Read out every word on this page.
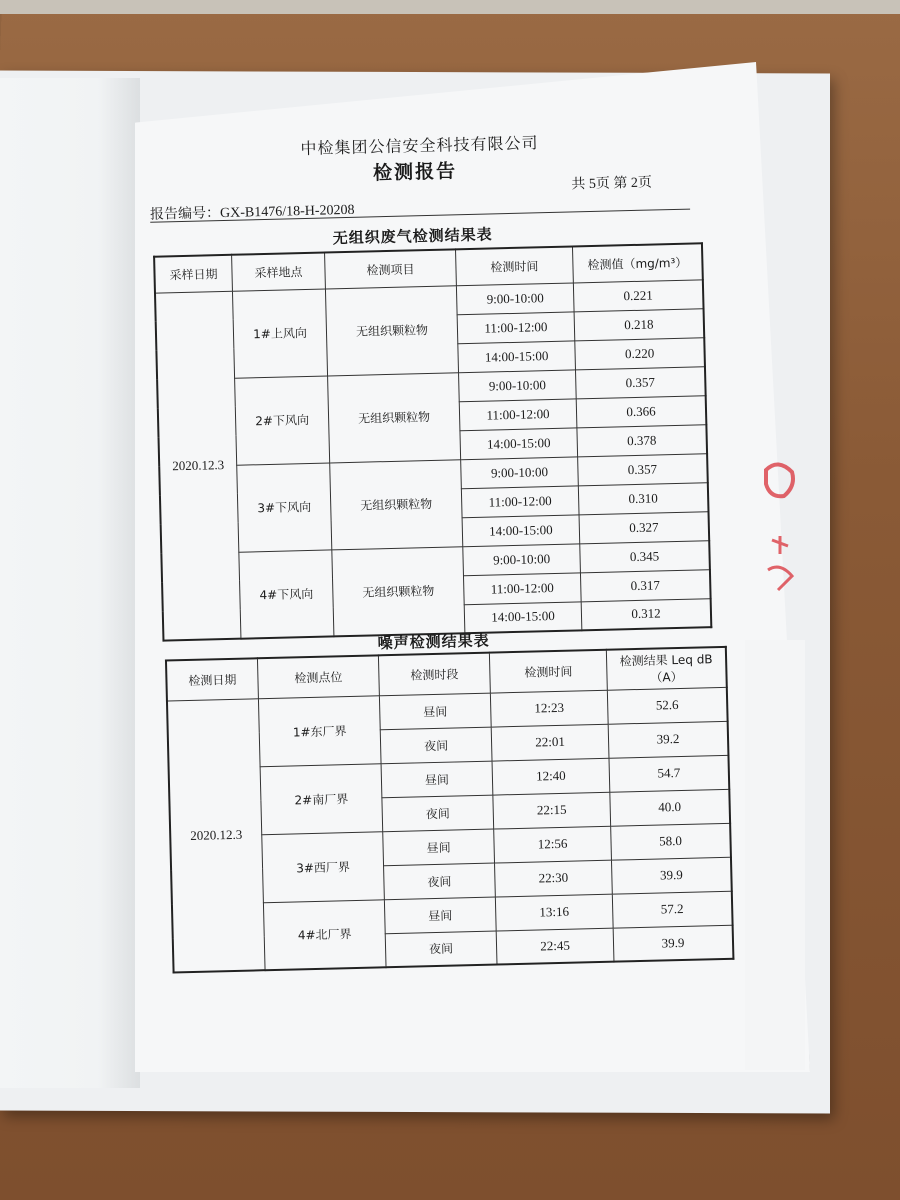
中检集团公信安全科技有限公司
检测报告	共 5页 第 2页
报告编号：GX-B1476/18-H-20208
无组织废气检测结果表
采样日期	采样地点	检测项目	检测时间	检测值（mg/m³）
2020.12.3	1#上风向	无组织颗粒物	9:00-10:00	0.221
			11:00-12:00	0.218
			14:00-15:00	0.220
	2#下风向	无组织颗粒物	9:00-10:00	0.357
			11:00-12:00	0.366
			14:00-15:00	0.378
	3#下风向	无组织颗粒物	9:00-10:00	0.357
			11:00-12:00	0.310
			14:00-15:00	0.327
	4#下风向	无组织颗粒物	9:00-10:00	0.345
			11:00-12:00	0.317
			14:00-15:00	0.312
噪声检测结果表
检测日期	检测点位	检测时段	检测时间	检测结果 Leq dB（A）
2020.12.3	1#东厂界	昼间	12:23	52.6
		夜间	22:01	39.2
	2#南厂界	昼间	12:40	54.7
		夜间	22:15	40.0
	3#西厂界	昼间	12:56	58.0
		夜间	22:30	39.9
	4#北厂界	昼间	13:16	57.2
		夜间	22:45	39.9
